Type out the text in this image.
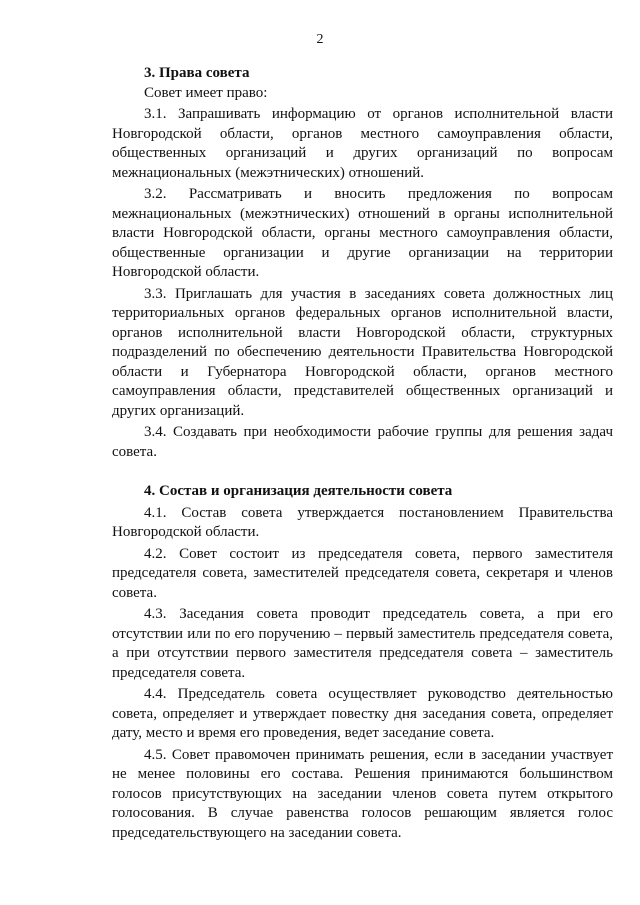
2

3. Права совета

Совет имеет право:

3.1. Запрашивать информацию от органов исполнительной власти Новгородской области, органов местного самоуправления области, общественных организаций и других организаций по вопросам межнациональных (межэтнических) отношений.

3.2. Рассматривать и вносить предложения по вопросам межнациональных (межэтнических) отношений в органы исполнительной власти Новгородской области, органы местного самоуправления области, общественные организации и другие организации на территории Новгородской области.

3.3. Приглашать для участия в заседаниях совета должностных лиц территориальных органов федеральных органов исполнительной власти, органов исполнительной власти Новгородской области, структурных подразделений по обеспечению деятельности Правительства Новгородской области и Губернатора Новгородской области, органов местного самоуправления области, представителей общественных организаций и других организаций.

3.4. Создавать при необходимости рабочие группы для решения задач совета.

4. Состав и организация деятельности совета

4.1. Состав совета утверждается постановлением Правительства Новгородской области.

4.2. Совет состоит из председателя совета, первого заместителя председателя совета, заместителей председателя совета, секретаря и членов совета.

4.3. Заседания совета проводит председатель совета, а при его отсутствии или по его поручению – первый заместитель председателя совета, а при отсутствии первого заместителя председателя совета – заместитель председателя совета.

4.4. Председатель совета осуществляет руководство деятельностью совета, определяет и утверждает повестку дня заседания совета, определяет дату, место и время его проведения, ведет заседание совета.

4.5. Совет правомочен принимать решения, если в заседании участвует не менее половины его состава. Решения принимаются большинством голосов присутствующих на заседании членов совета путем открытого голосования. В случае равенства голосов решающим является голос председательствующего на заседании совета.
